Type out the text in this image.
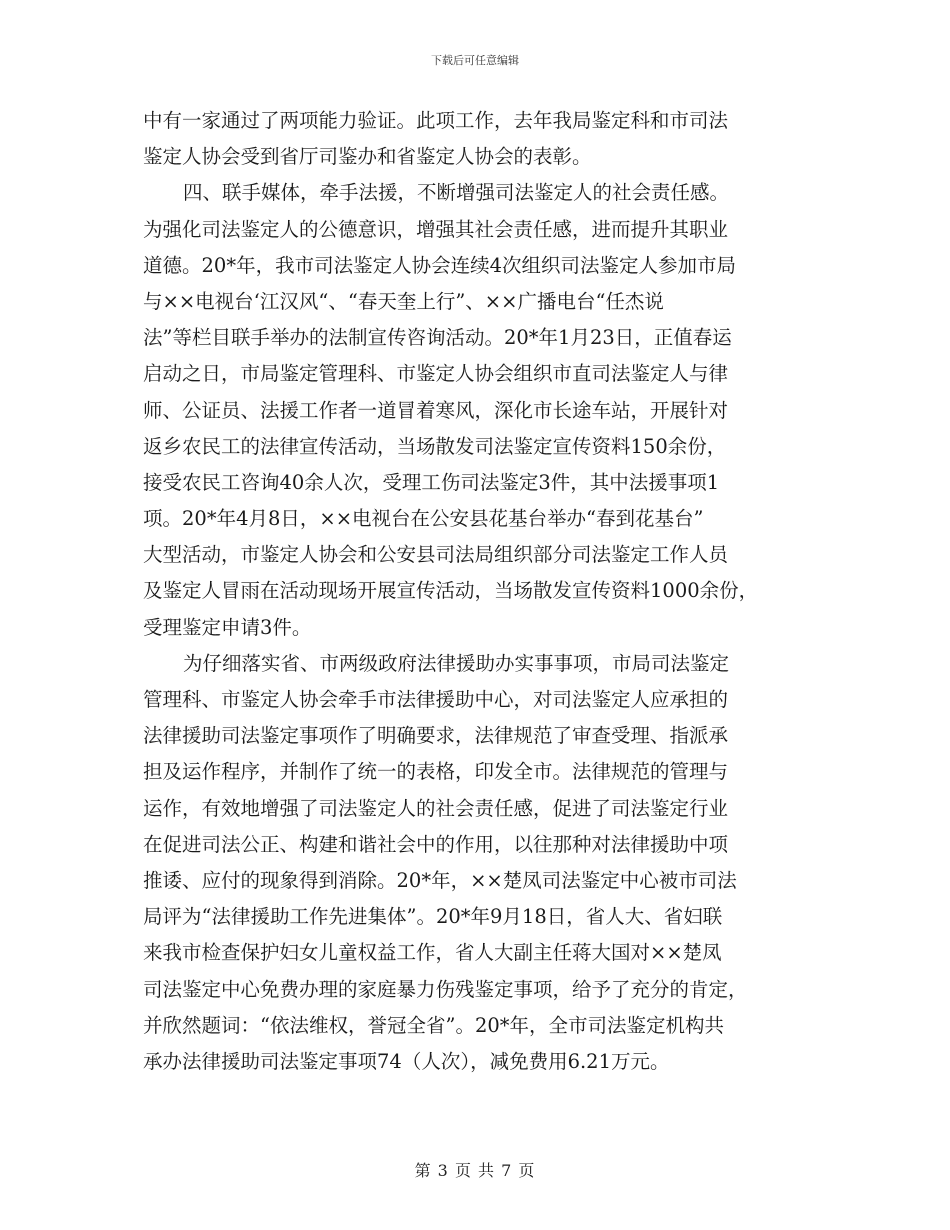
下载后可任意编辑
中有一家通过了两项能力验证。此项工作，去年我局鉴定科和市司法
鉴定人协会受到省厅司鉴办和省鉴定人协会的表彰。
四、联手媒体，牵手法援，不断增强司法鉴定人的社会责任感。
为强化司法鉴定人的公德意识，增强其社会责任感，进而提升其职业
道德。20*年，我市司法鉴定人协会连续4次组织司法鉴定人参加市局
与××电视台‘江汉风“、“春天奎上行”、××广播电台“任杰说
法”等栏目联手举办的法制宣传咨询活动。20*年1月23日，正值春运
启动之日，市局鉴定管理科、市鉴定人协会组织市直司法鉴定人与律
师、公证员、法援工作者一道冒着寒风，深化市长途车站，开展针对
返乡农民工的法律宣传活动，当场散发司法鉴定宣传资料150余份，
接受农民工咨询40余人次，受理工伤司法鉴定3件，其中法援事项1
项。20*年4月8日，××电视台在公安县花基台举办“春到花基台”
大型活动，市鉴定人协会和公安县司法局组织部分司法鉴定工作人员
及鉴定人冒雨在活动现场开展宣传活动，当场散发宣传资料1000余份，
受理鉴定申请3件。
为仔细落实省、市两级政府法律援助办实事事项，市局司法鉴定
管理科、市鉴定人协会牵手市法律援助中心，对司法鉴定人应承担的
法律援助司法鉴定事项作了明确要求，法律规范了审查受理、指派承
担及运作程序，并制作了统一的表格，印发全市。法律规范的管理与
运作，有效地增强了司法鉴定人的社会责任感，促进了司法鉴定行业
在促进司法公正、构建和谐社会中的作用，以往那种对法律援助中项
推诿、应付的现象得到消除。20*年，××楚凤司法鉴定中心被市司法
局评为“法律援助工作先进集体”。20*年9月18日，省人大、省妇联
来我市检查保护妇女儿童权益工作，省人大副主任蒋大国对××楚凤
司法鉴定中心免费办理的家庭暴力伤残鉴定事项，给予了充分的肯定，
并欣然题词：“依法维权，誉冠全省”。20*年，全市司法鉴定机构共
承办法律援助司法鉴定事项74（人次），减免费用6.21万元。
第 3 页 共 7 页
